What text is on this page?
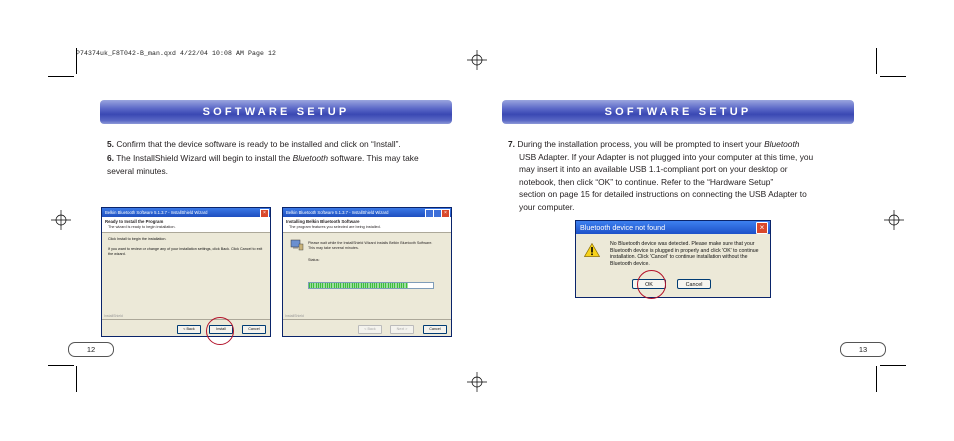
P74374uk_F8T042-B_man.qxd 4/22/04 10:08 AM Page 12
SOFTWARE SETUP
5. Confirm that the device software is ready to be installed and click on “Install”.
6. The InstallShield Wizard will begin to install the Bluetooth software. This may take several minutes.
Belkin Bluetooth Software 5.1.3.7 - InstallShield Wizard	×
Ready to Install the Program
The wizard is ready to begin installation.
Click Install to begin the installation.
If you want to review or change any of your installation settings, click Back. Click Cancel to exit the wizard.
InstallShield
< Back	Install	Cancel
Belkin Bluetooth Software 5.1.3.7 - InstallShield Wizard	×
Installing Belkin Bluetooth Software
The program features you selected are being installed.
Please wait while the InstallShield Wizard installs Belkin Bluetooth Software. This may take several minutes.
Status:
InstallShield
< Back	Next >	Cancel
12
SOFTWARE SETUP
7. During the installation process, you will be prompted to insert your Bluetooth
USB Adapter. If your Adapter is not plugged into your computer at this time, you
may insert it into an available USB 1.1-compliant port on your desktop or
notebook, then click “OK” to continue. Refer to the “Hardware Setup”
section on page 15 for detailed instructions on connecting the USB Adapter to
your computer.
Bluetooth device not found	×
No Bluetooth device was detected. Please make sure that your Bluetooth device is plugged in properly and click 'OK' to continue installation. Click 'Cancel' to continue installation without the Bluetooth device.
OK	Cancel
13
